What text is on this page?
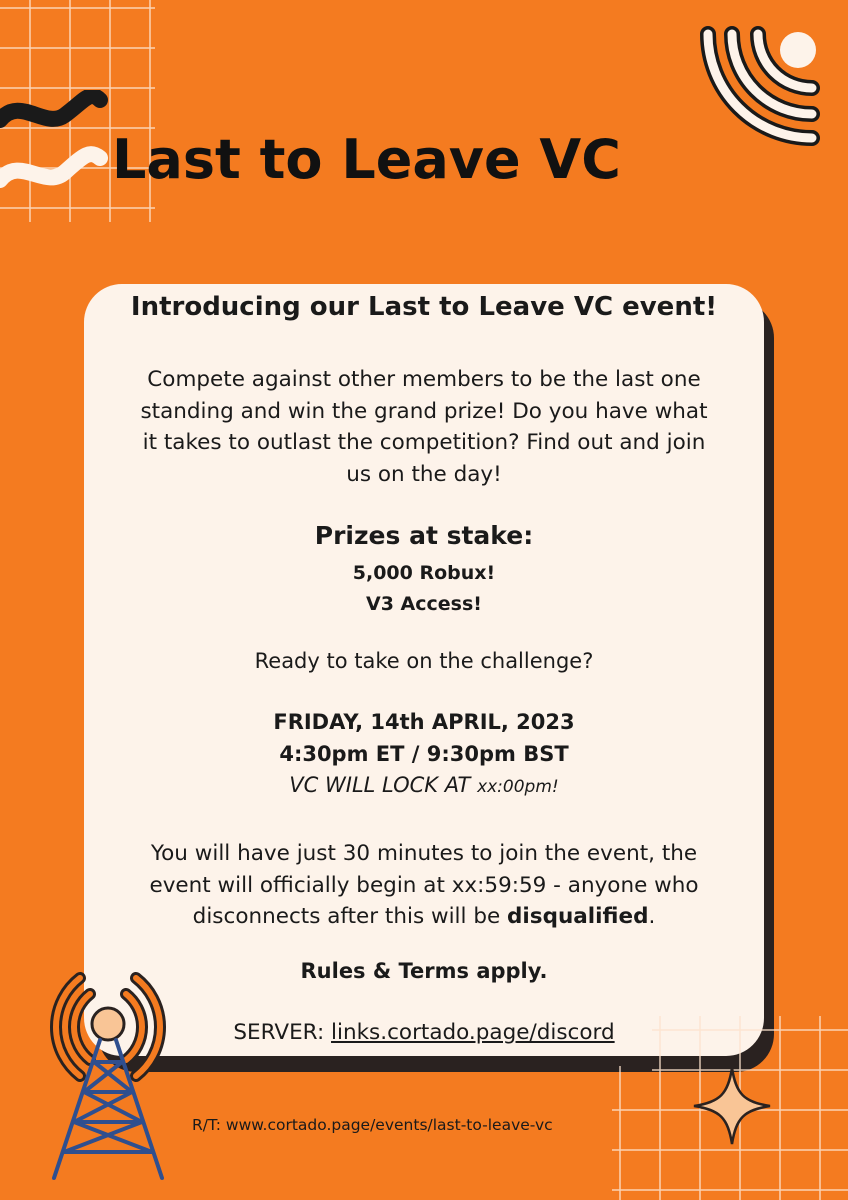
Last to Leave VC
Introducing our Last to Leave VC event!
Compete against other members to be the last one
standing and win the grand prize! Do you have what
it takes to outlast the competition? Find out and join
us on the day!
Prizes at stake:
5,000 Robux!
V3 Access!
Ready to take on the challenge?
FRIDAY, 14th APRIL, 2023
4:30pm ET / 9:30pm BST
VC WILL LOCK AT xx:00pm!
You will have just 30 minutes to join the event, the
event will officially begin at xx:59:59 - anyone who
disconnects after this will be disqualified.
Rules & Terms apply.
SERVER: links.cortado.page/discord
R/T: www.cortado.page/events/last-to-leave-vc
